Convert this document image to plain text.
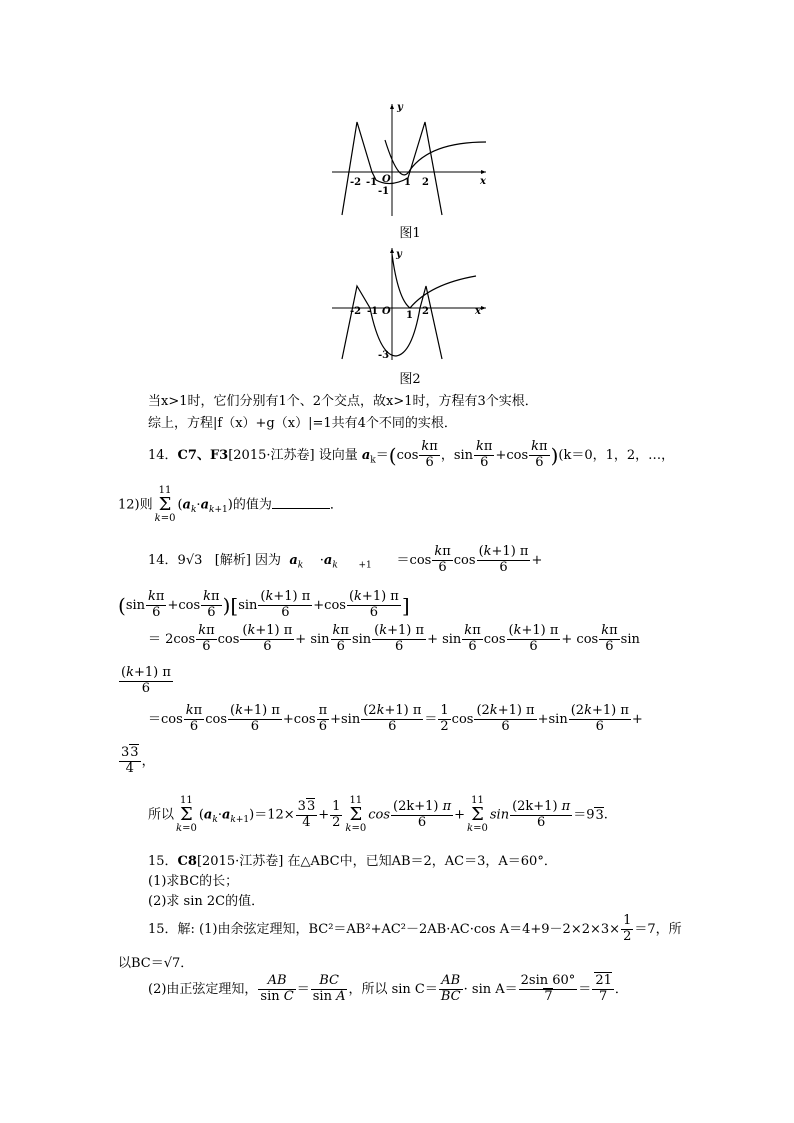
y
x
-2 -1 O 1 2
-1
图1
y
x
-2 -1 O 1 2
-3
图2
当x>1时，它们分别有1个、2个交点，故x>1时，方程有3个实根．
综上，方程|f（x）+g（x）|=1共有4个不同的实根．
14．C7、F3[2015·江苏卷] 设向量 $a_k=(\cos \frac{k\pi}{6}$ ，$\sin \frac{k\pi}{6} +\cos \frac{k\pi}{6} )(k=0$，1，2，…，
12)则11
Σ
$k=0(a_k\cdot a_{k+1})$的值为	．
14．9√3 [解析] 因为 $a_k \cdot a_k$ $_{+1}$      $=\cos \frac{k\pi}{6}$ $\cos \frac{(k+1) \pi}{6}$ +
$(\sin \frac{k\pi}{6} +\cos \frac{k\pi}{6} )[\sin \frac{(k+1) \pi}{6} +\cos \frac{(k+1) \pi}{6}$ ]
＝ $2\cos \frac{k\pi}{6}$ $\cos \frac{(k+1) \pi}{6} + \sin \frac{k\pi}{6}$ $\sin \frac{(k+1) \pi}{6} + \sin \frac{k\pi}{6}$ $\cos \frac{(k+1) \pi}{6} + \cos \frac{k\pi}{6}$ sin
$\frac{(k+1) \pi}{6}$
$=\cos \frac{k\pi}{6}$ $\cos \frac{(k+1) \pi}{6} +\cos \frac{\pi}{6} +\sin \frac{(2k+1) \pi}{6} = \frac{1}{2}$ $\cos \frac{(2k+1) \pi}{6} +\sin \frac{(2k+1) \pi}{6}$ +
$\frac{33}{4}$ ，
所以11
Σ
$k=0(a_k\cdot a_{k+1})=12\times \frac{33}{4} + \frac{1}{2} 11$
Σ
$k=0\cos \frac{(2k+1) \pi}{6} +11$
Σ
$k=0\sin \frac{(2k+1) \pi}{6} =93$.
15．C8[2015·江苏卷] 在△ABC中，已知AB＝2，AC＝3，A＝60°．
(1)求BC的长；
(2)求 sin 2C的值．
15．解: (1)由余弦定理知，BC²＝AB²+AC²－2AB·AC·cos $A=4+9-2\times 2\times 3\times \frac{1}{2} =7$，所
以BC＝√7．
(2)由正弦定理知， $\frac{AB}{\text{sin C}} = \frac{BC}{\text{sin A}}$ ，所以 $\sin C= \frac{AB}{BC} \cdot \sin A= \frac{2\sin 60^\circ}{7} = \frac{21}{7}$ ．
